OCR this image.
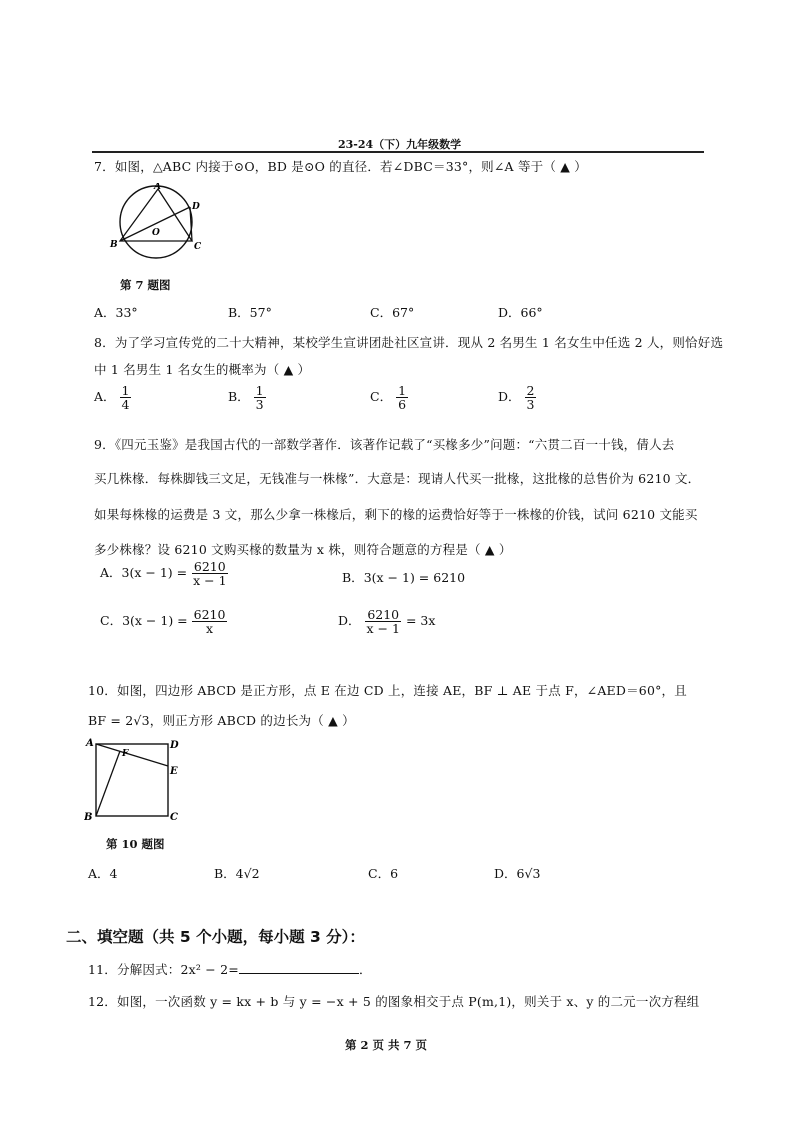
23-24（下）九年级数学
7．如图，△ABC 内接于⊙O，BD 是⊙O 的直径．若∠DBC＝33°，则∠A 等于（ ▲ ）
A
B	C
D
O
第 7 题图
A．33°	B．57°	C．67°	D．66°
8．为了学习宣传党的二十大精神，某校学生宣讲团赴社区宣讲．现从 2 名男生 1 名女生中任选 2 人，则恰好选
中 1 名男生 1 名女生的概率为（ ▲ ）
A． $\frac{1}{4}$	B． $\frac{1}{3}$	C． $\frac{1}{6}$	D． $\frac{2}{3}$
9．《四元玉鉴》是我国古代的一部数学著作．该著作记载了“买椽多少”问题：“六贯二百一十钱，倩人去
买几株椽．每株脚钱三文足，无钱准与一株椽”．大意是：现请人代买一批椽，这批椽的总售价为 6210 文．
如果每株椽的运费是 3 文，那么少拿一株椽后，剩下的椽的运费恰好等于一株椽的价钱，试问 6210 文能买
多少株椽？设 6210 文购买椽的数量为 x 株，则符合题意的方程是（ ▲ ）
A．$3(x - 1) = \frac{6210}{x - 1}$	B．3(x − 1) = 6210
C．$3(x - 1) = \frac{6210}{x}$	D． $\frac{6210}{x - 1} = 3x$
10．如图，四边形 ABCD 是正方形，点 E 在边 CD 上，连接 AE，BF ⊥ AE 于点 F，∠AED＝60°，且
BF = 2√3，则正方形 ABCD 的边长为（ ▲ ）
A	D
E
F
B	C
第 10 题图
A．4	B．4√2	C．6	D．6√3
二、填空题（共 5 个小题，每小题 3 分）：
11．分解因式：2x² − 2=	．
12．如图，一次函数 y = kx + b 与 y = −x + 5 的图象相交于点 P(m,1)，则关于 x、y 的二元一次方程组
第 2 页 共 7 页
